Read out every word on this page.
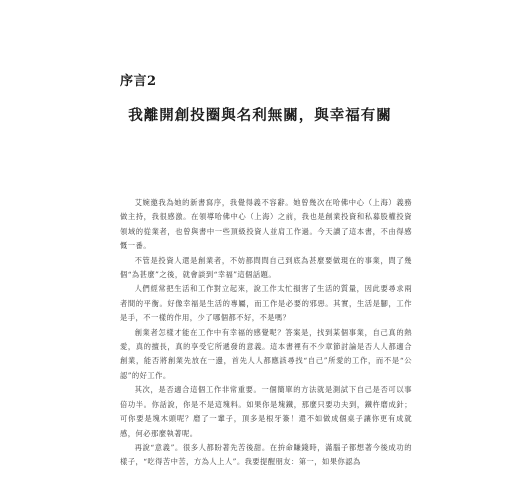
序言2
我離開創投圈與名利無關，與幸福有關

艾婉邀我為她的新書寫序，我覺得義不容辭。她曾幾次在哈佛中心（上海）義務做主持，我很感激。在領導哈佛中心（上海）之前，我也是創業投資和私募股權投資領域的從業者，也曾與書中一些頂級投資人並肩工作過。今天讀了這本書，不由得感慨一番。

不管是投資人還是創業者，不妨都問問自己到底為甚麼要做現在的事業，問了幾個“為甚麼”之後，就會談到“幸福”這個話題。

人們經常把生活和工作對立起來，說工作太忙損害了生活的質量，因此要尋求兩者間的平衡。好像幸福是生活的專屬，而工作是必要的邪惡。其實，生活是腳，工作是手，不一樣的作用，少了哪個都不好，不是嗎？

創業者怎樣才能在工作中有幸福的感覺呢？答案是，找到某個事業，自己真的熱愛，真的擅長，真的享受它所遞發的意義。這本書裡有不少章節討論是否人人都適合創業，能否將創業先放在一邊，首先人人都應該尋找“自己”所愛的工作，而不是“公認”的好工作。

其次，是否適合這個工作非常重要。一個簡單的方法就是測試下自己是否可以事倍功半。你話說，你是不是這塊料。如果你是塊鐵，那麼只要功夫到，鐵杵磨成針；可你要是塊木頭呢？磨了一輩子，頂多是根牙簽！還不如做成個桌子讓你更有成就感，何必那麼執著呢。

再說“意義”。很多人都盼著先苦後甜。在拚命賺錢時，滿腦子都想著今後成功的樣子，“吃得苦中苦，方為人上人”。我要提醒朋友：第一，如果你認為
